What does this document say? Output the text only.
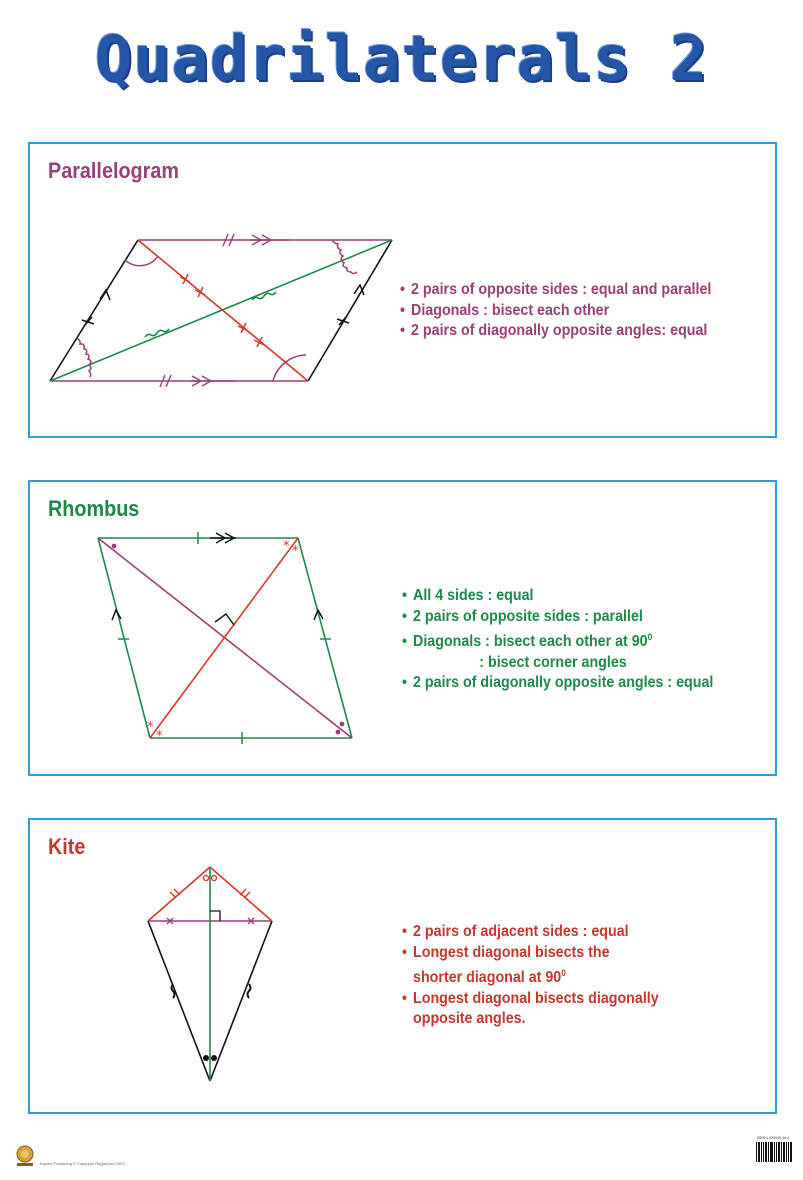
Quadrilaterals 2
Parallelogram
• 2 pairs of opposite sides : equal and parallel
• Diagonals : bisect each other
• 2 pairs of diagonally opposite angles: equal
Rhombus
* *
*
*
• All 4 sides : equal
• 2 pairs of opposite sides : parallel
• Diagonals : bisect each other at $90^0$
: bisect corner angles
• 2 pairs of diagonally opposite angles : equal
Kite
• 2 pairs of adjacent sides : equal
• Longest diagonal bisects the
shorter diagonal at $90^0$
• Longest diagonal bisects diagonally
opposite angles.
Kapiko Publishing © Copyright Registered 2003
ISBN 1-920049-14-4
